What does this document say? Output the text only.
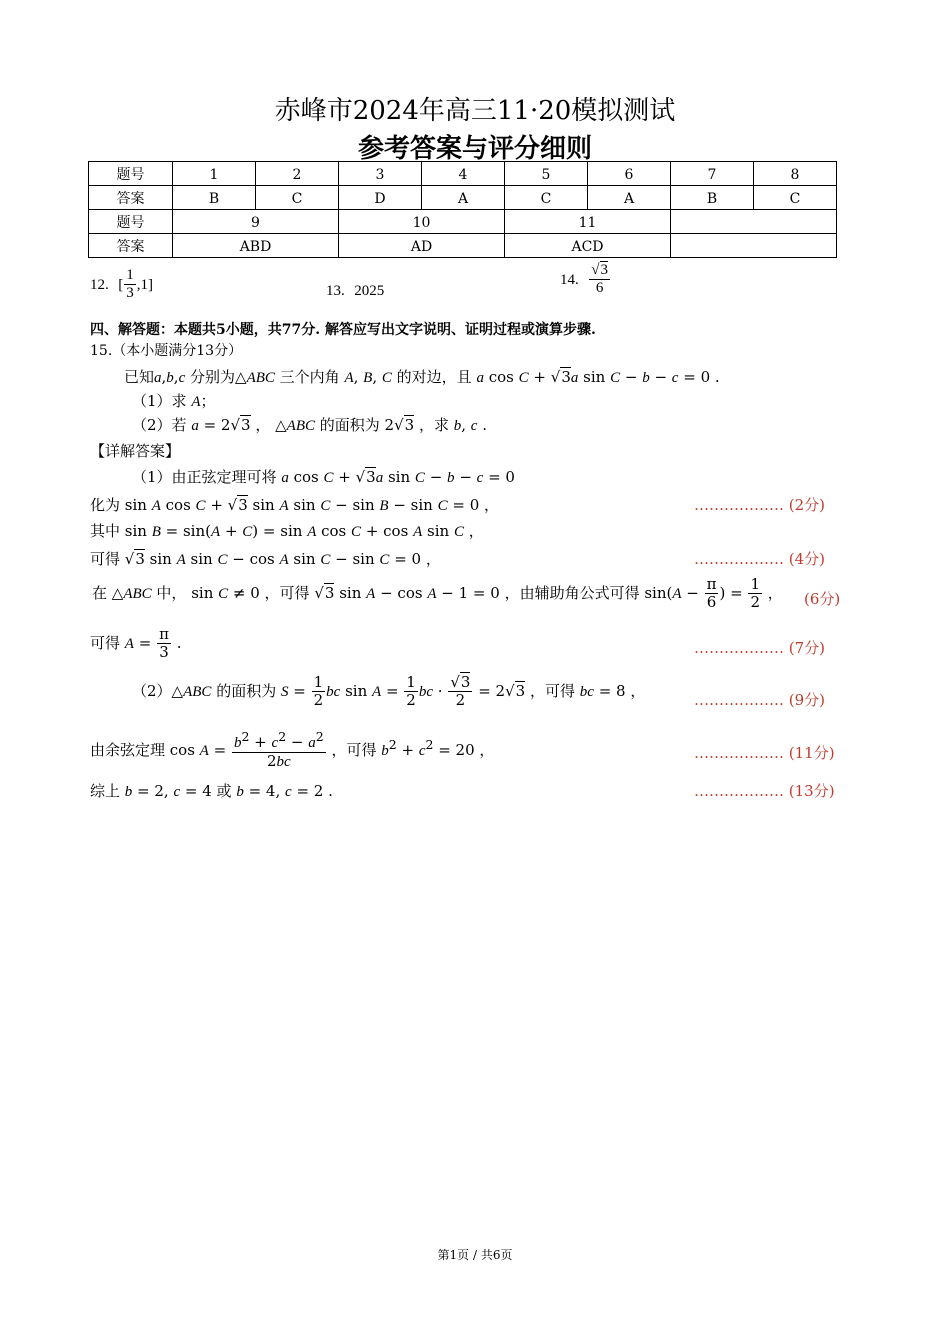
赤峰市2024年高三11·20模拟测试
参考答案与评分细则
题号	1	2	3	4	5	6	7	8
答案	B	C	D	A	C	A	B	C
题号	9		10		11			
答案	ABD		AD		ACD			
12. [ $\frac{1}{3} ,1$]	13. 2025
14. $\frac{√3}{6}$
四、解答题：本题共5小题，共77分. 解答应写出文字说明、证明过程或演算步骤.
15.（本小题满分13分）
已知a,b,c 分别为△ABC 三个内角 A, B, C 的对边，且 a cos C + √3a sin C − b − c = 0 .
（1）求 A；
（2）若 a = 2√3 ， △ABC 的面积为 2√3 ，求 b, c .
【详解答案】
（1）由正弦定理可将 a cos C + √3a sin C − b − c = 0
化为 sin A cos C + √3 sin A sin C − sin B − sin C = 0 ，	……………… (2分)
其中 sin B = sin(A + C) = sin A cos C + cos A sin C ，
可得 √3 sin A sin C − cos A sin C − sin C = 0 ，	……………… (4分)
在 △ABC 中， sin C ≠ 0 ，可得 √3 sin A − cos A − 1 = 0 ，由辅助角公式可得 $\sin(A - \frac{\pi}{6}$ ) = $\frac{1}{2}$ ， (6分)
可得 $A = \frac{\pi}{3}$ .	……………… (7分)
（2）△ABC 的面积为 $S = \frac{1}{2}$ bc $\sin A = \frac{1}{2}$ bc · $\frac{√3}{2} = 2√3$ ，可得 bc = 8 ，
……………… (9分)
由余弦定理 $\cos A = \frac{b^2 + c^2 - a^2}{2bc}$ ，可得 $b^2 + c^2 = 20$ ，	……………… (11分)
综上 b = 2, c = 4 或 b = 4, c = 2 .	……………… (13分)
第1页 / 共6页
